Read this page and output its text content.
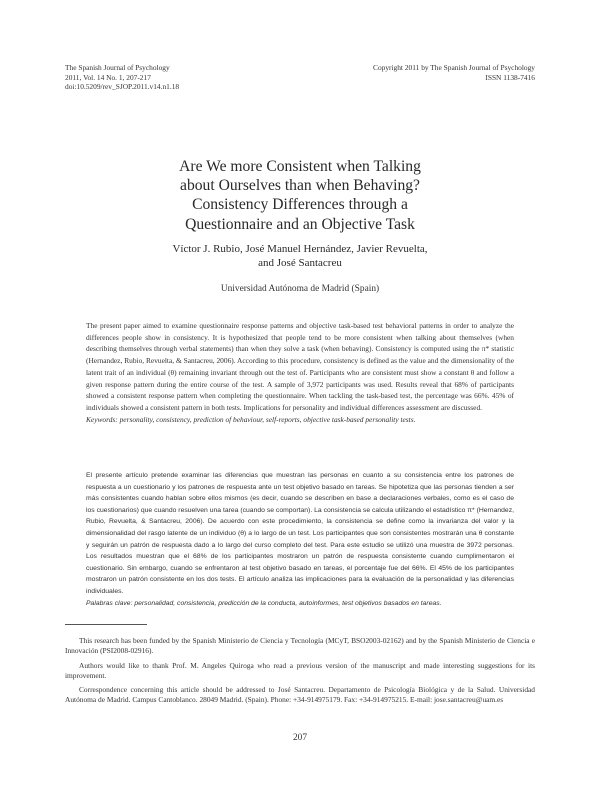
The Spanish Journal of Psychology
2011, Vol. 14 No. 1, 207-217
doi:10.5209/rev_SJOP.2011.v14.n1.18
Copyright 2011 by The Spanish Journal of Psychology
ISSN 1138-7416
Are We more Consistent when Talking
about Ourselves than when Behaving?
Consistency Differences through a
Questionnaire and an Objective Task
Víctor J. Rubio, José Manuel Hernández, Javier Revuelta,
and José Santacreu
Universidad Autónoma de Madrid (Spain)

The present paper aimed to examine questionnaire response patterns and objective task-based test behavioral patterns in order to analyze the differences people show in consistency. It is hypothesized that people tend to be more consistent when talking about themselves (when describing themselves through verbal statements) than when they solve a task (when behaving). Consistency is computed using the π* statistic (Hernandez, Rubio, Revuelta, & Santacreu, 2006). According to this procedure, consistency is defined as the value and the dimensionality of the latent trait of an individual (θ) remaining invariant through out the test of. Participants who are consistent must show a constant θ and follow a given response pattern during the entire course of the test. A sample of 3,972 participants was used. Results reveal that 68% of participants showed a consistent response pattern when completing the questionnaire. When tackling the task-based test, the percentage was 66%. 45% of individuals showed a consistent pattern in both tests. Implications for personality and individual differences assessment are discussed.

Keywords: personality, consistency, prediction of behaviour, self-reports, objective task-based personality tests.

El presente artículo pretende examinar las diferencias que muestran las personas en cuanto a su consistencia entre los patrones de respuesta a un cuestionario y los patrones de respuesta ante un test objetivo basado en tareas. Se hipotetiza que las personas tienden a ser más consistentes cuando hablan sobre ellos mismos (es decir, cuando se describen en base a declaraciones verbales, como es el caso de los cuestionarios) que cuando resuelven una tarea (cuando se comportan). La consistencia se calcula utilizando el estadístico π* (Hernandez, Rubio, Revuelta, & Santacreu, 2006). De acuerdo con este procedimiento, la consistencia se define como la invarianza del valor y la dimensionalidad del rasgo latente de un individuo (θ) a lo largo de un test. Los participantes que son consistentes mostrarán una θ constante y seguirán un patrón de respuesta dado a lo largo del curso completo del test. Para este estudio se utilizó una muestra de 3972 personas. Los resultados muestran que el 68% de los participantes mostraron un patrón de respuesta consistente cuando cumplimentaron el cuestionario. Sin embargo, cuando se enfrentaron al test objetivo basado en tareas, el porcentaje fue del 66%. El 45% de los participantes mostraron un patrón consistente en los dos tests. El artículo analiza las implicaciones para la evaluación de la personalidad y las diferencias individuales.

Palabras clave: personalidad, consistencia, predicción de la conducta, autoinformes, test objetivos basados en tareas.

This research has been funded by the Spanish Ministerio de Ciencia y Tecnología (MCyT, BSO2003-02162) and by the Spanish Ministerio de Ciencia e Innovación (PSI2008-02916).

Authors would like to thank Prof. M. Angeles Quiroga who read a previous version of the manuscript and made interesting suggestions for its improvement.

Correspondence concerning this article should be addressed to José Santacreu. Departamento de Psicología Biológica y de la Salud. Universidad Autónoma de Madrid. Campus Cantoblanco. 28049 Madrid. (Spain). Phone: +34-914975179. Fax: +34-914975215. E-mail: jose.santacreu@uam.es

207
